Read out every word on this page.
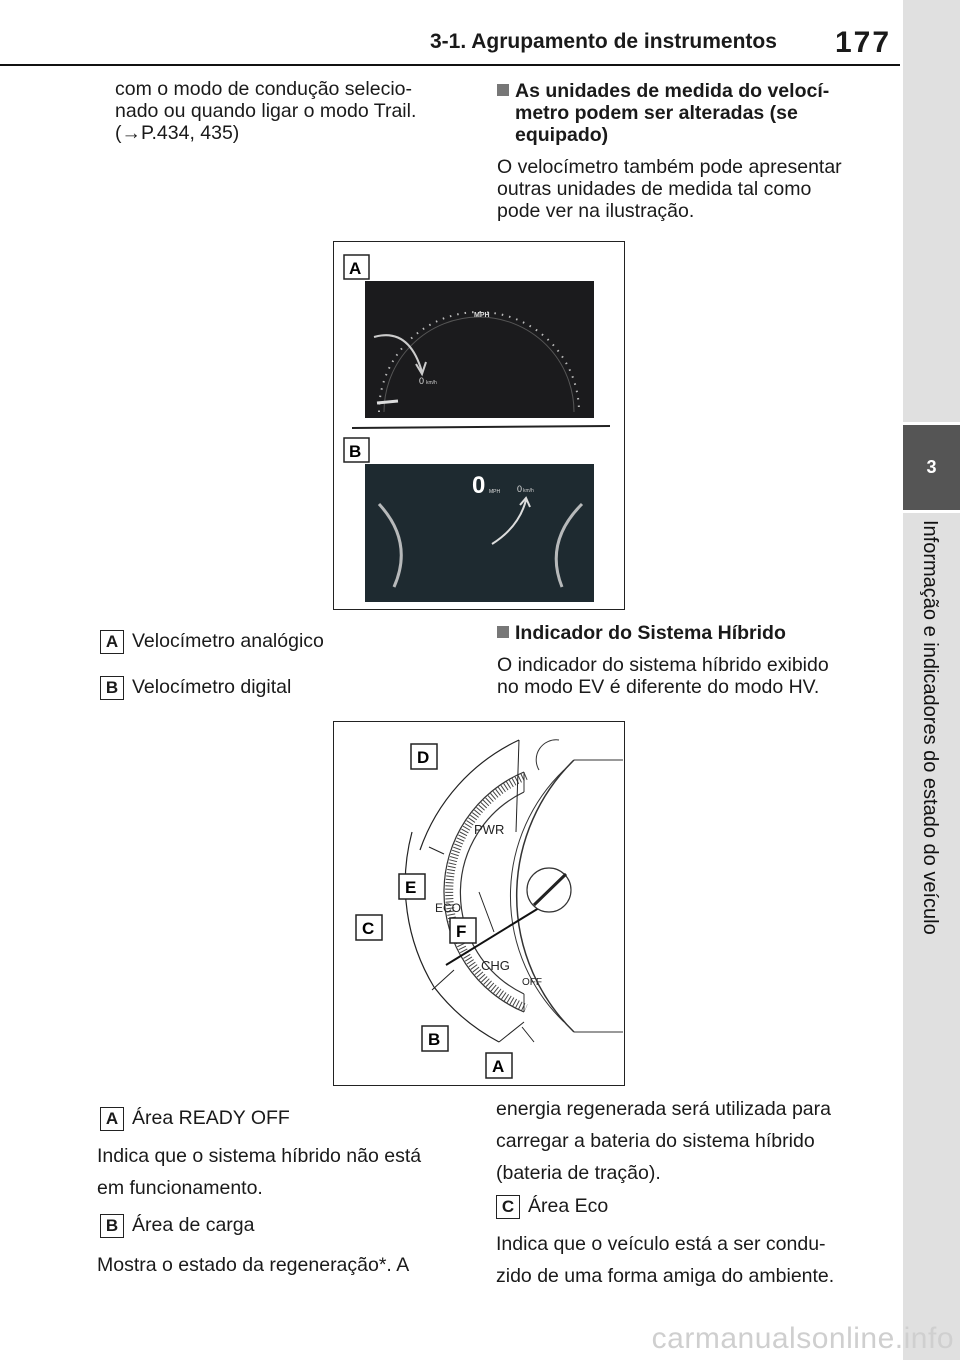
3-1. Agrupamento de instrumentos 177
3
Informação e indicadores do estado do veículo
com o modo de condução selecio-
nado ou quando ligar o modo Trail.
(→P.434, 435)
As unidades de medida do velocí-
metro podem ser alteradas (se
equipado)
O velocímetro também pode apresentar
outras unidades de medida tal como
pode ver na ilustração.
MPH
0 km/h
0 MPH 0 km/h
A
B
A Velocímetro analógico
B Velocímetro digital
Indicador do Sistema Híbrido
O indicador do sistema híbrido exibido
no modo EV é diferente do modo HV.
PWR
ECO
CHG
OFF
D
E
C	F
B
A
A Área READY OFF
Indica que o sistema híbrido não está
em funcionamento.
B Área de carga
Mostra o estado da regeneração*. A
energia regenerada será utilizada para
carregar a bateria do sistema híbrido
(bateria de tração).
C Área Eco
Indica que o veículo está a ser condu-
zido de uma forma amiga do ambiente.
carmanualsonline.info
